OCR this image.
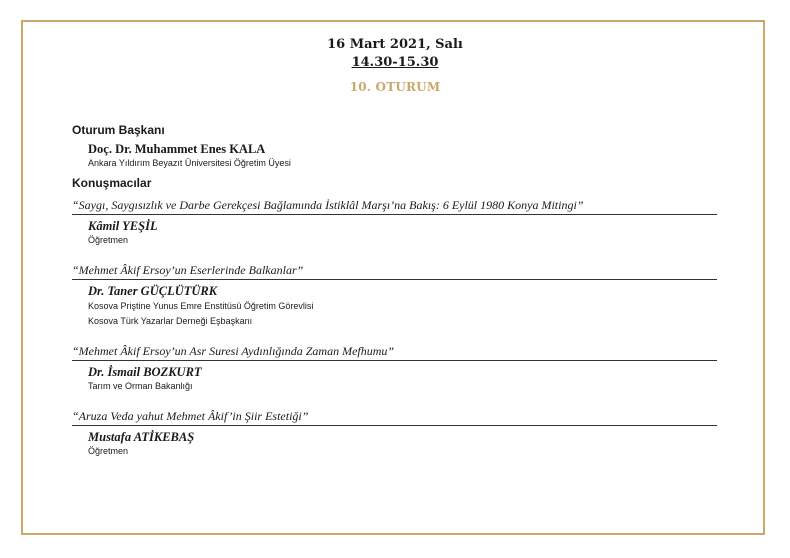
16 Mart 2021, Salı
14.30-15.30
10. OTURUM
Oturum Başkanı
Doç. Dr. Muhammet Enes KALA
Ankara Yıldırım Beyazıt Üniversitesi Öğretim Üyesi
Konuşmacılar
“Saygı, Saygısızlık ve Darbe Gerekçesi Bağlamında İstiklâl Marşı’na Bakış: 6 Eylül 1980 Konya Mitingi”
Kâmil YEŞİL
Öğretmen
“Mehmet Âkif Ersoy’un Eserlerinde Balkanlar”
Dr. Taner GÜÇLÜTÜRK
Kosova Priştine Yunus Emre Enstitüsü Öğretim Görevlisi
Kosova Türk Yazarlar Derneği Eşbaşkanı
“Mehmet Âkif Ersoy’un Asr Suresi Aydınlığında Zaman Mefhumu”
Dr. İsmail BOZKURT
Tarım ve Orman Bakanlığı
“Aruza Veda yahut Mehmet Âkif’in Şiir Estetiği”
Mustafa ATİKEBAŞ
Öğretmen
